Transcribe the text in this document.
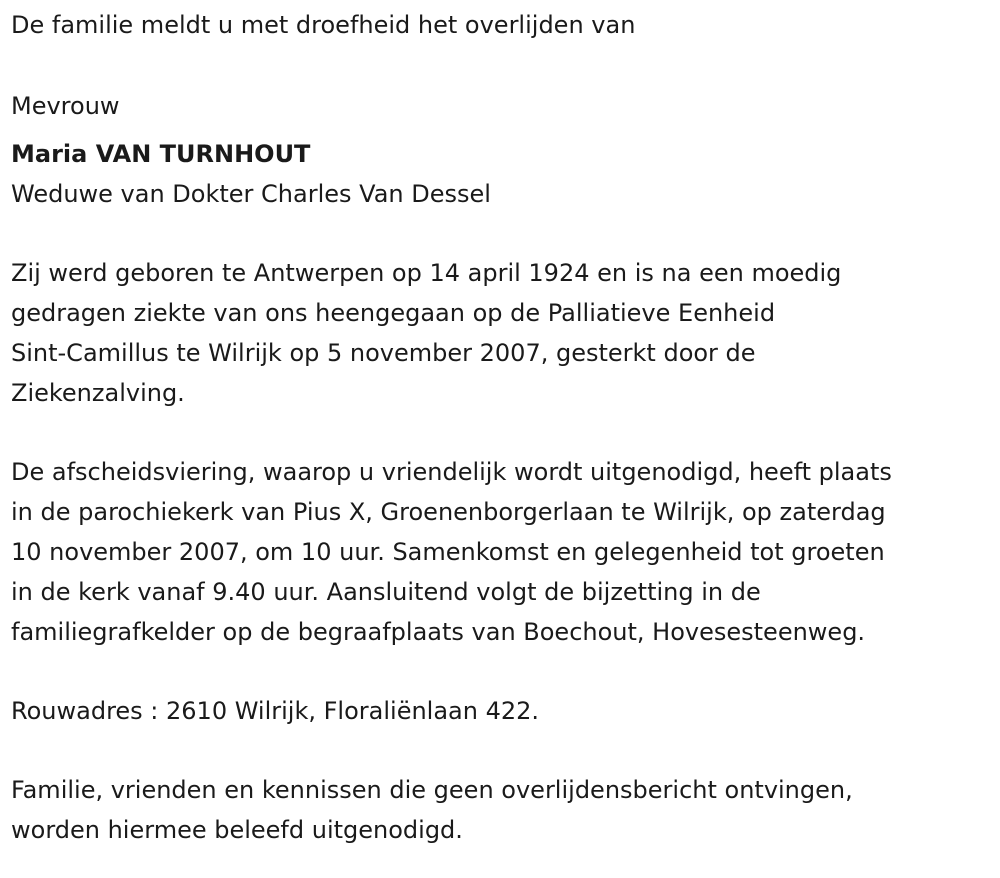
De familie meldt u met droefheid het overlijden van
Mevrouw
Maria VAN TURNHOUT
Weduwe van Dokter Charles Van Dessel

Zij werd geboren te Antwerpen op 14 april 1924 en is na een moedig

gedragen ziekte van ons heengegaan op de Palliatieve Eenheid

Sint-Camillus te Wilrijk op 5 november 2007, gesterkt door de

Ziekenzalving.

De afscheidsviering, waarop u vriendelijk wordt uitgenodigd, heeft plaats

in de parochiekerk van Pius X, Groenenborgerlaan te Wilrijk, op zaterdag

10 november 2007, om 10 uur. Samenkomst en gelegenheid tot groeten

in de kerk vanaf 9.40 uur. Aansluitend volgt de bijzetting in de

familiegrafkelder op de begraafplaats van Boechout, Hovesesteenweg.

Rouwadres : 2610 Wilrijk, Floraliënlaan 422.

Familie, vrienden en kennissen die geen overlijdensbericht ontvingen,

worden hiermee beleefd uitgenodigd.
